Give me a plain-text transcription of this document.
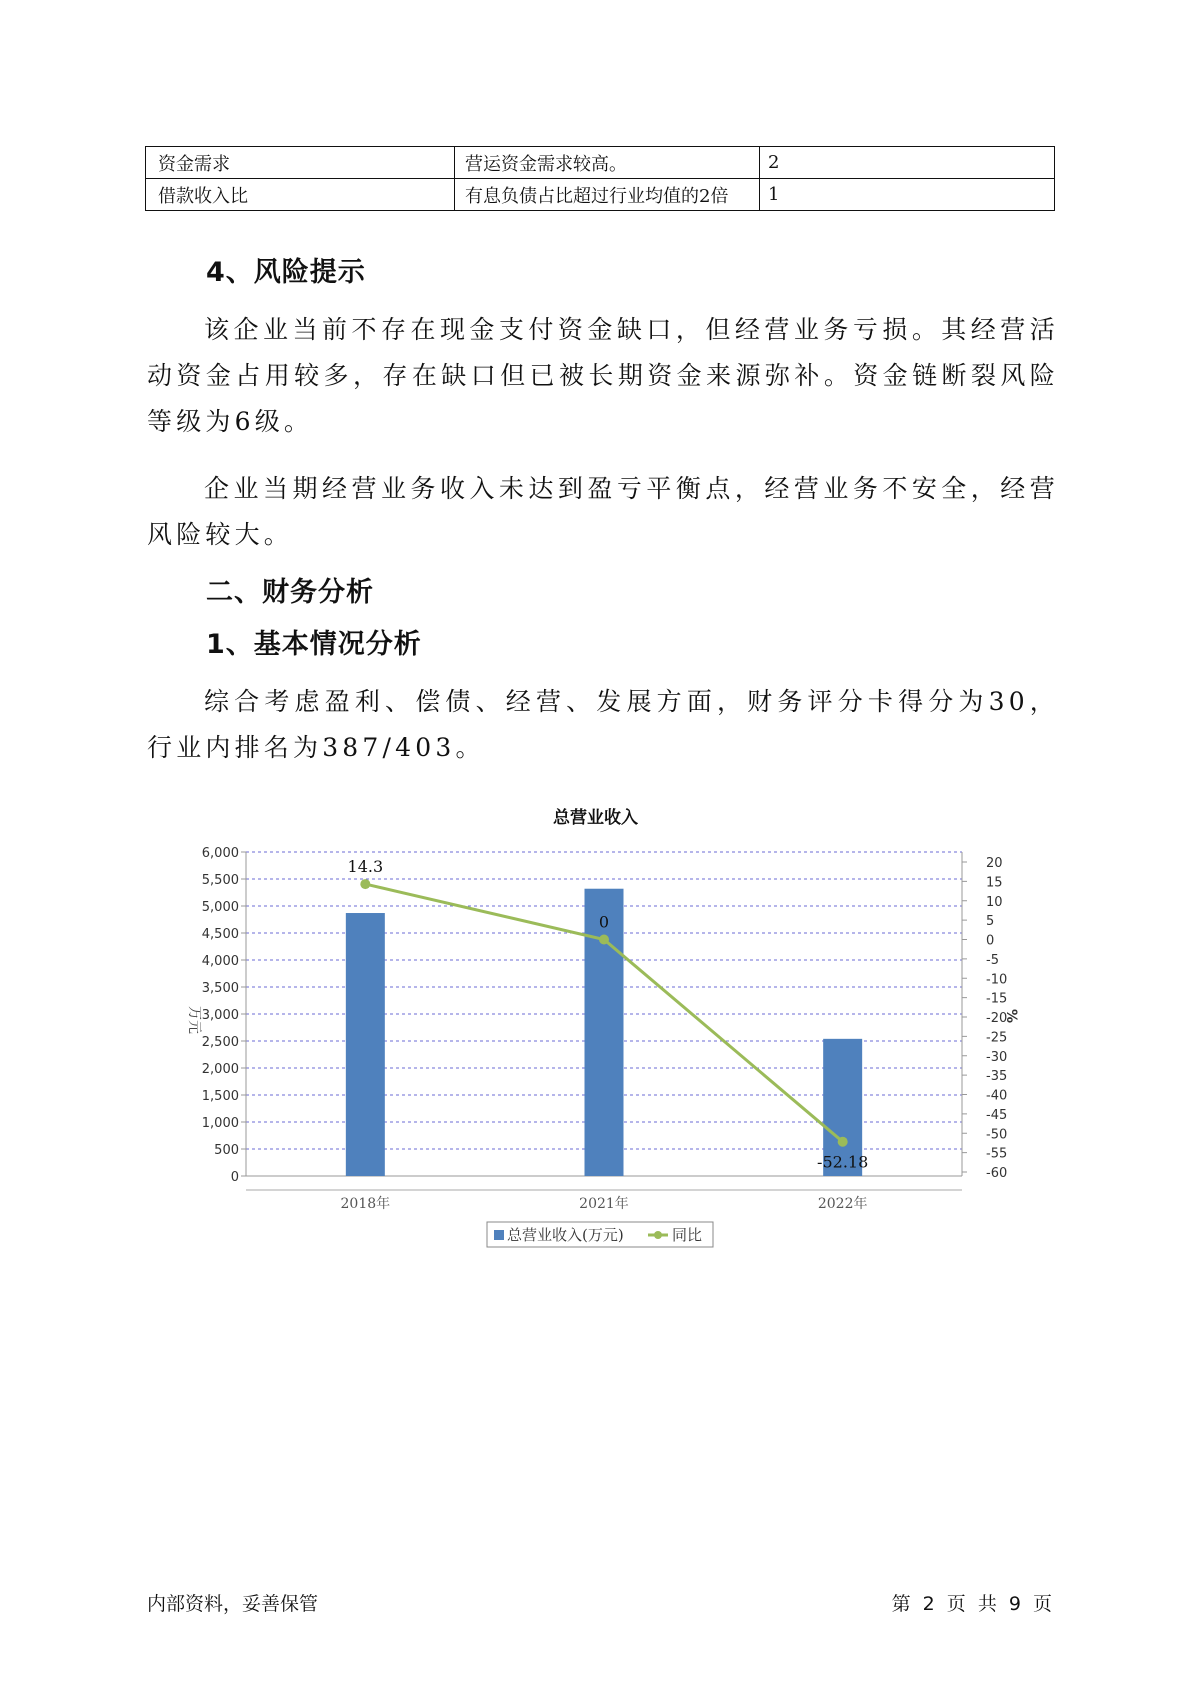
资金需求	营运资金需求较高。	2
借款收入比	有息负债占比超过行业均值的2倍	1
4、风险提示

该企业当前不存在现金支付资金缺口，但经营业务亏损。其经营活动资金占用较多，存在缺口但已被长期资金来源弥补。资金链断裂风险等级为6级。

企业当期经营业务收入未达到盈亏平衡点，经营业务不安全，经营风险较大。

二、财务分析
1、基本情况分析

综合考虑盈利、偿债、经营、发展方面，财务评分卡得分为30，行业内排名为387/403。

总营业收入
0
500
1,000
1,500
2,000
2,500
3,000
3,500
4,000
4,500
5,000
5,500
6,000
-60
-55
-50
-45
-40
-35
-30
-25
-20
-15
-10
-5
0
5
10
15
20
万元	%
2018年	2021年	2022年
14.3
0
-52.18
总营业收入(万元)	同比
内部资料，妥善保管	第 2 页 共 9 页
